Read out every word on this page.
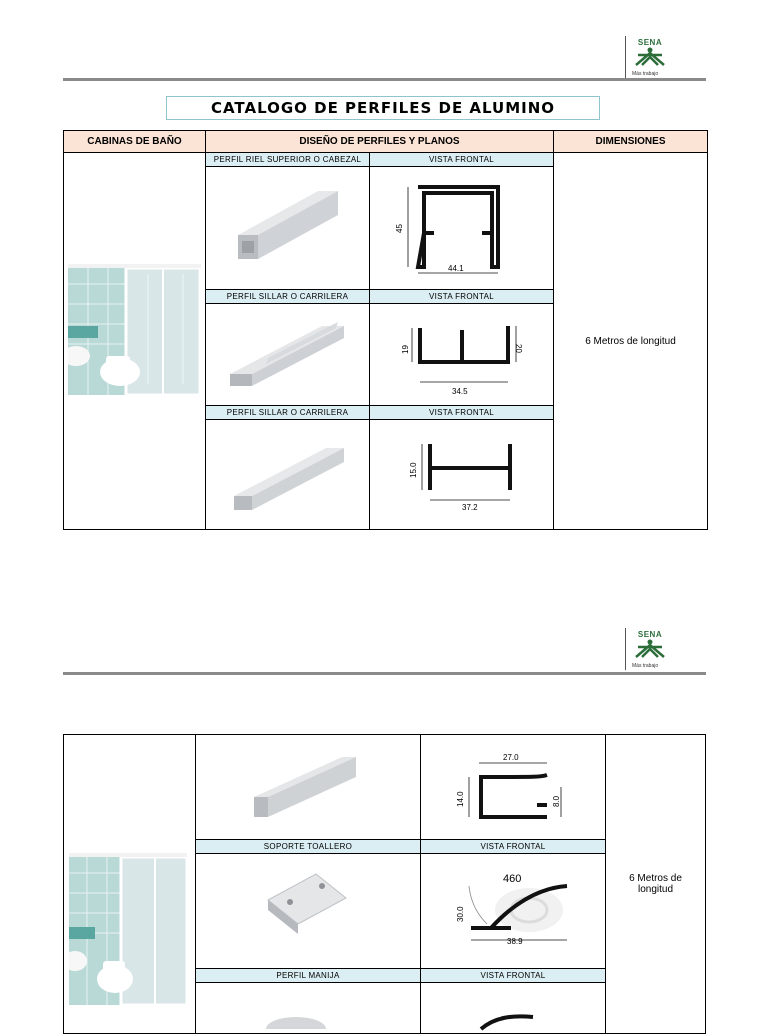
SENA
Más trabajo
CATALOGO DE PERFILES DE ALUMINO
CABINAS DE BAÑO	DISEÑO DE PERFILES Y PLANOS	DIMENSIONES
PERFIL RIEL SUPERIOR O CABEZAL	VISTA FRONTAL
45
44.1
PERFIL SILLAR O CARRILERA	VISTA FRONTAL
19	20
34.5
PERFIL SILLAR O CARRILERA	VISTA FRONTAL
15.0
37.2
6 Metros de longitud
SENA
Más trabajo
27.0
14.0	8.0
SOPORTE TOALLERO	VISTA FRONTAL
460
30.0
38.9
PERFIL MANIJA	VISTA FRONTAL
6 Metros de longitud
